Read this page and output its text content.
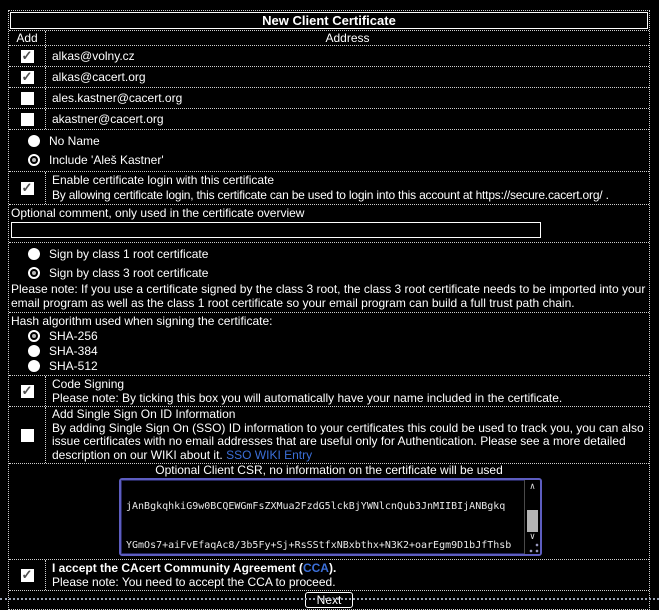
New Client Certificate
Add	Address
✓
alkas@volny.cz
✓
alkas@cacert.org
ales.kastner@cacert.org
akastner@cacert.org
No Name
Include 'Aleš Kastner'
✓
Enable certificate login with this certificate
By allowing certificate login, this certificate can be used to login into this account at https://secure.cacert.org/ .
Optional comment, only used in the certificate overview
Sign by class 1 root certificate
Sign by class 3 root certificate
Please note: If you use a certificate signed by the class 3 root, the class 3 root certificate needs to be imported into your email program as well as the class 1 root certificate so your email program can build a full trust path chain.
Hash algorithm used when signing the certificate:
SHA-256
SHA-384
SHA-512
✓
Code Signing
Please note: By ticking this box you will automatically have your name included in the certificate.
Add Single Sign On ID Information
By adding Single Sign On (SSO) ID information to your certificates this could be used to track you, you can also issue certificates with no email addresses that are useful only for Authentication. Please see a more detailed description on our WIKI about it. SSO WIKI Entry
Optional Client CSR, no information on the certificate will be used

jAnBgkqhkiG9w0BCQEWGmFsZXMua2FzdG5lckBjYWNlcnQub3JnMIIBIjANBgkq

YGmOs7+aiFvEfaqAc8/3b5Fy+Sj+RsSStfxNBxbthx+N3K2+oarEgm9D1bJfThsb

∧
∨
✓
I accept the CAcert Community Agreement (CCA).
Please note: You need to accept the CCA to proceed.
Next
